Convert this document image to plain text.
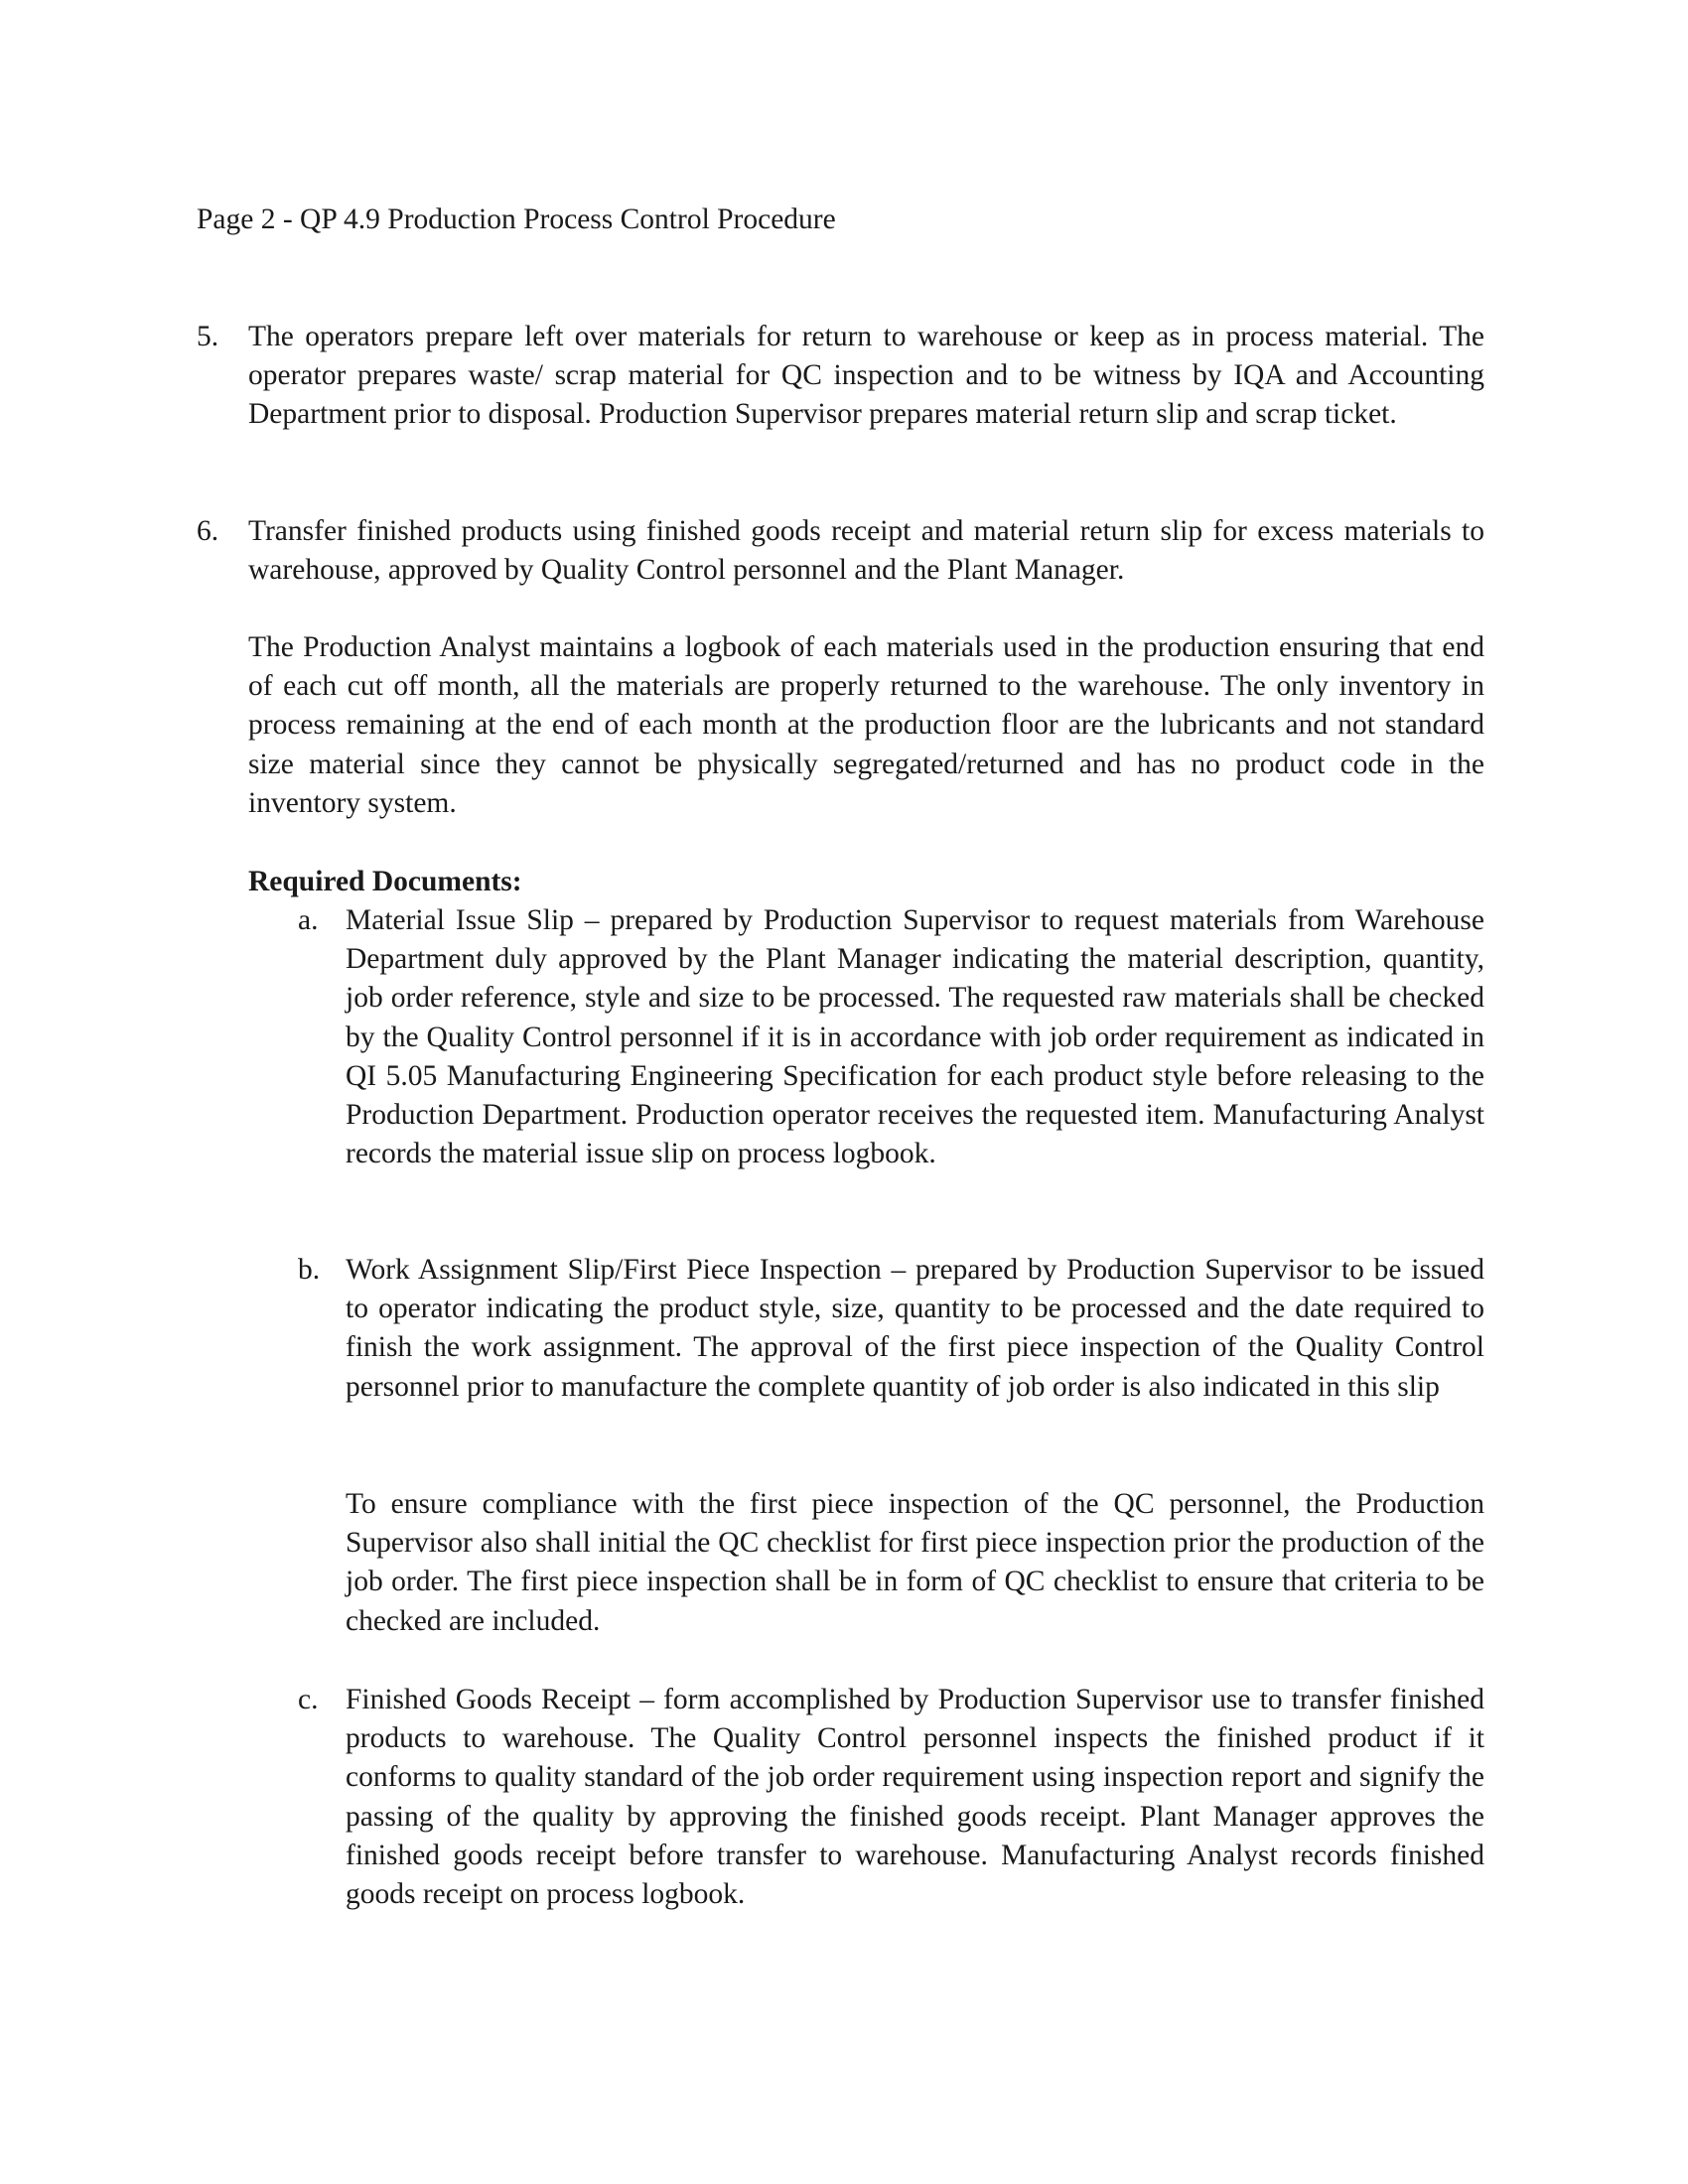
Page 2 - QP 4.9 Production Process Control Procedure
5. The operators prepare left over materials for return to warehouse or keep as in process material. The operator prepares waste/ scrap material for QC inspection and to be witness by IQA and Accounting Department prior to disposal. Production Supervisor prepares material return slip and scrap ticket.

6. Transfer finished products using finished goods receipt and material return slip for excess materials to warehouse, approved by Quality Control personnel and the Plant Manager.

The Production Analyst maintains a logbook of each materials used in the production ensuring that end of each cut off month, all the materials are properly returned to the warehouse. The only inventory in process remaining at the end of each month at the production floor are the lubricants and not standard size material since they cannot be physically segregated/returned and has no product code in the inventory system.

Required Documents:
a. Material Issue Slip – prepared by Production Supervisor to request materials from Warehouse Department duly approved by the Plant Manager indicating the material description, quantity, job order reference, style and size to be processed. The requested raw materials shall be checked by the Quality Control personnel if it is in accordance with job order requirement as indicated in QI 5.05 Manufacturing Engineering Specification for each product style before releasing to the Production Department. Production operator receives the requested item. Manufacturing Analyst records the material issue slip on process logbook.

b. Work Assignment Slip/First Piece Inspection – prepared by Production Supervisor to be issued to operator indicating the product style, size, quantity to be processed and the date required to finish the work assignment. The approval of the first piece inspection of the Quality Control personnel prior to manufacture the complete quantity of job order is also indicated in this slip

To ensure compliance with the first piece inspection of the QC personnel, the Production Supervisor also shall initial the QC checklist for first piece inspection prior the production of the job order. The first piece inspection shall be in form of QC checklist to ensure that criteria to be checked are included.

c. Finished Goods Receipt – form accomplished by Production Supervisor use to transfer finished products to warehouse. The Quality Control personnel inspects the finished product if it conforms to quality standard of the job order requirement using inspection report and signify the passing of the quality by approving the finished goods receipt. Plant Manager approves the finished goods receipt before transfer to warehouse. Manufacturing Analyst records finished goods receipt on process logbook.
